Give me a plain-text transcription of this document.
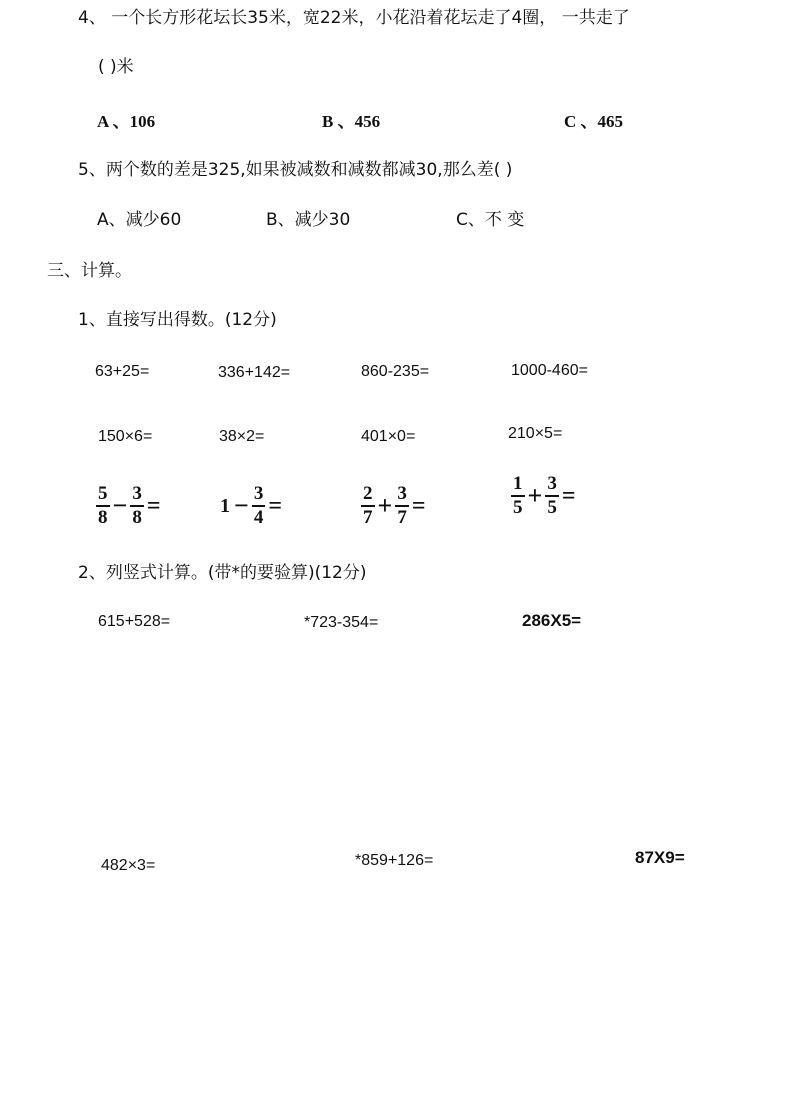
4、 一个长方形花坛长35米，宽22米，小花沿着花坛走了4圈， 一共走了
( )米
A 、106	B 、456	C 、465
5、两个数的差是325,如果被减数和减数都减30,那么差( )
A、减少60	B、减少30	C、不 变
三、计算。
1、直接写出得数。(12分)
63+25=	336+142=	860-235=	1000-460=
150×6=	38×2=	401×0=	210×5=
$\frac{5}{8} - \frac{3}{8}$ =	$1 - \frac{3}{4}$ =	$\frac{2}{7} + \frac{3}{7}$ =	$\frac{1}{5} + \frac{3}{5}$ =
2、列竖式计算。(带*的要验算)(12分)
615+528=	*723-354=	286X5=
482×3=	*859+126=	87X9=
